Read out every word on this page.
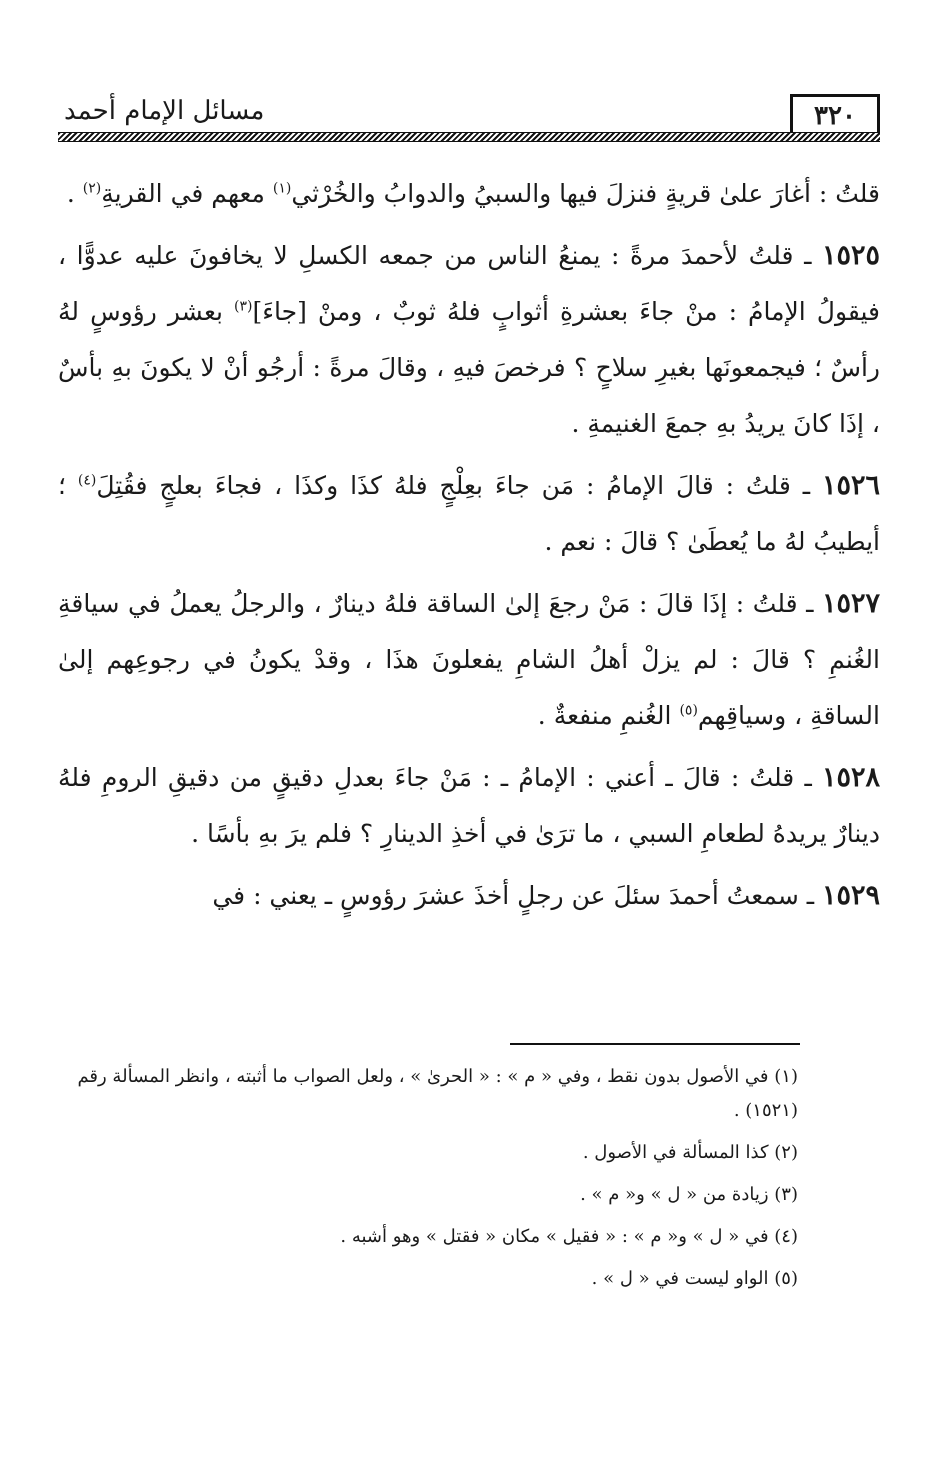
٣٢٠
مسائل الإمام أحمد

قلتُ : أغارَ علىٰ قريةٍ فنزلَ فيها والسبيُ والدوابُ والخُرْثي$^{(١)}$ معهم في القريةِ$^{(٢)}$ .

١٥٢٥ ـ قلتُ لأحمدَ مرةً : يمنعُ الناس من جمعه الكسلِ لا يخافونَ عليه عدوًّا ، فيقولُ الإمامُ : منْ جاءَ بعشرةِ أثوابٍ فلهُ ثوبٌ ، ومنْ [جاءَ]$^{(٣)}$ بعشر رؤوسٍ لهُ رأسٌ ؛ فيجمعونَها بغيرِ سلاحٍ ؟ فرخصَ فيهِ ، وقالَ مرةً : أرجُو أنْ لا يكونَ بهِ بأسٌ ، إذَا كانَ يريدُ بهِ جمعَ الغنيمةِ .

١٥٢٦ ـ قلتُ : قالَ الإمامُ : مَن جاءَ بعِلْجٍ فلهُ كذَا وكذَا ، فجاءَ بعلجٍ فقُتِلَ$^{(٤)}$ ؛ أيطيبُ لهُ ما يُعطَىٰ ؟ قالَ : نعم .

١٥٢٧ ـ قلتُ : إذَا قالَ : مَنْ رجعَ إلىٰ الساقة فلهُ دينارٌ ، والرجلُ يعملُ في سياقةِ الغُنمِ ؟ قالَ : لم يزلْ أهلُ الشامِ يفعلونَ هذَا ، وقدْ يكونُ في رجوعِهم إلىٰ الساقةِ ، وسياقِهم$^{(٥)}$ الغُنمِ منفعةٌ .

١٥٢٨ ـ قلتُ : قالَ ـ أعني : الإمامُ ـ : مَنْ جاءَ بعدلِ دقيقٍ من دقيقِ الرومِ فلهُ دينارٌ يريدهُ لطعامِ السبي ، ما ترَىٰ في أخذِ الدينارِ ؟ فلم يرَ بهِ بأسًا .

١٥٢٩ ـ سمعتُ أحمدَ سئلَ عن رجلٍ أخذَ عشرَ رؤوسٍ ـ يعني : في

(١) في الأصول بدون نقط ، وفي « م » : « الحرىٰ » ، ولعل الصواب ما أثبته ، وانظر المسألة رقم (١٥٢١) .

(٢) كذا المسألة في الأصول .

(٣) زيادة من « ل » و« م » .

(٤) في « ل » و« م » : « فقيل » مكان « فقتل » وهو أشبه .

(٥) الواو ليست في « ل » .
